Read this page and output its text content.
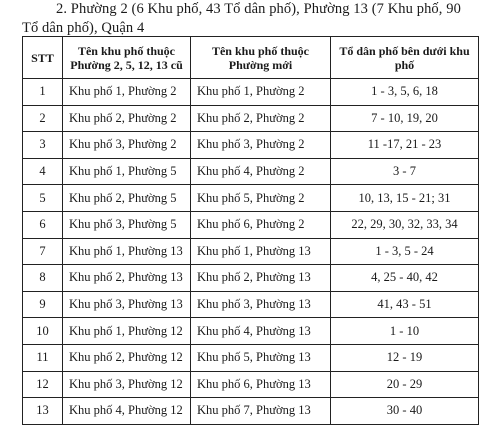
2. Phường 2 (6 Khu phố, 43 Tổ dân phố), Phường 13 (7 Khu phố, 90 Tổ dân phố), Quận 4
STT	Tên khu phố thuộc Phường 2, 5, 12, 13 cũ	Tên khu phố thuộc Phường mới	Tổ dân phố bên dưới khu phố
1	Khu phố 1, Phường 2	Khu phố 1, Phường 2	1 - 3, 5, 6, 18
2	Khu phố 2, Phường 2	Khu phố 2, Phường 2	7 - 10, 19, 20
3	Khu phố 3, Phường 2	Khu phố 3, Phường 2	11 -17, 21 - 23
4	Khu phố 1, Phường 5	Khu phố 4, Phường 2	3 - 7
5	Khu phố 2, Phường 5	Khu phố 5, Phường 2	10, 13, 15 - 21; 31
6	Khu phố 3, Phường 5	Khu phố 6, Phường 2	22, 29, 30, 32, 33, 34
7	Khu phố 1, Phường 13	Khu phố 1, Phường 13	1 - 3, 5 - 24
8	Khu phố 2, Phường 13	Khu phố 2, Phường 13	4, 25 - 40, 42
9	Khu phố 3, Phường 13	Khu phố 3, Phường 13	41, 43 - 51
10	Khu phố 1, Phường 12	Khu phố 4, Phường 13	1 - 10
11	Khu phố 2, Phường 12	Khu phố 5, Phường 13	12 - 19
12	Khu phố 3, Phường 12	Khu phố 6, Phường 13	20 - 29
13	Khu phố 4, Phường 12	Khu phố 7, Phường 13	30 - 40
